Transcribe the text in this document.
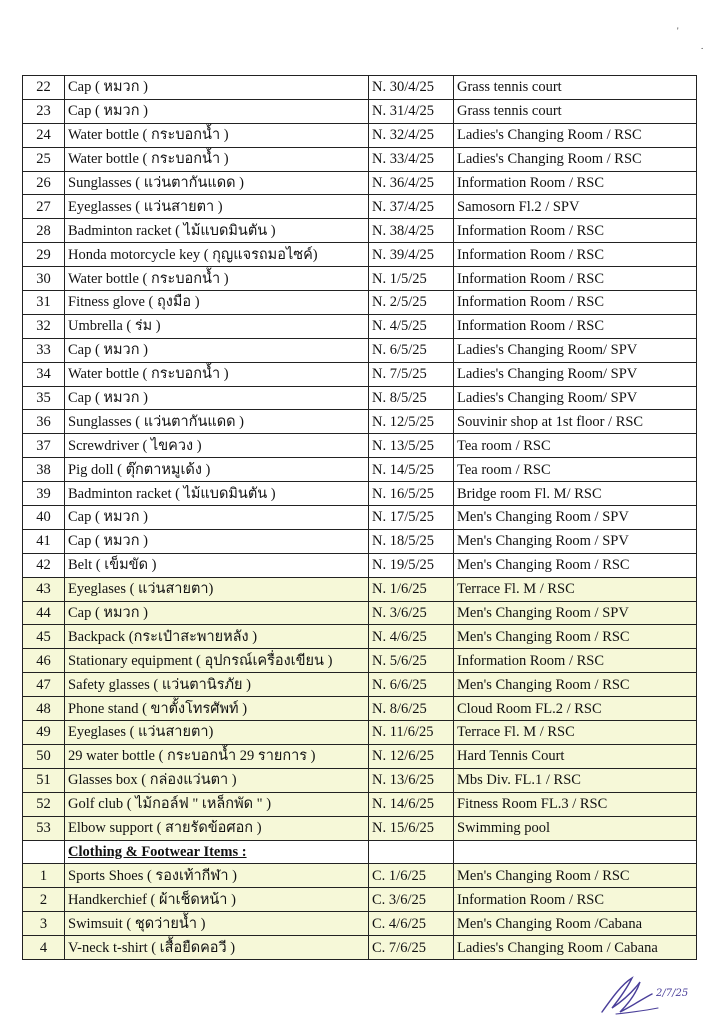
'
.
22	Cap ( หมวก )	N. 30/4/25	Grass tennis court
23	Cap ( หมวก )	N. 31/4/25	Grass tennis court
24	Water bottle ( กระบอกน้ำ )	N. 32/4/25	Ladies's Changing Room / RSC
25	Water bottle ( กระบอกน้ำ )	N. 33/4/25	Ladies's Changing Room / RSC
26	Sunglasses ( แว่นตากันแดด )	N. 36/4/25	Information Room / RSC
27	Eyeglasses ( แว่นสายตา )	N. 37/4/25	Samosorn Fl.2 / SPV
28	Badminton racket ( ไม้แบดมินตัน )	N. 38/4/25	Information Room / RSC
29	Honda motorcycle key ( กุญแจรถมอไซค์)	N. 39/4/25	Information Room / RSC
30	Water bottle ( กระบอกน้ำ )	N. 1/5/25	Information Room / RSC
31	Fitness glove ( ถุงมือ )	N. 2/5/25	Information Room / RSC
32	Umbrella ( ร่ม )	N. 4/5/25	Information Room / RSC
33	Cap ( หมวก )	N. 6/5/25	Ladies's Changing Room/ SPV
34	Water bottle ( กระบอกน้ำ )	N. 7/5/25	Ladies's Changing Room/ SPV
35	Cap ( หมวก )	N. 8/5/25	Ladies's Changing Room/ SPV
36	Sunglasses ( แว่นตากันแดด )	N. 12/5/25	Souvinir shop at 1st floor / RSC
37	Screwdriver ( ไขควง )	N. 13/5/25	Tea room / RSC
38	Pig doll ( ตุ๊กตาหมูเด้ง )	N. 14/5/25	Tea room / RSC
39	Badminton racket ( ไม้แบดมินตัน )	N. 16/5/25	Bridge room Fl. M/ RSC
40	Cap ( หมวก )	N. 17/5/25	Men's Changing Room / SPV
41	Cap ( หมวก )	N. 18/5/25	Men's Changing Room / SPV
42	Belt ( เข็มขัด )	N. 19/5/25	Men's Changing Room / RSC
43	Eyeglases ( แว่นสายตา)	N. 1/6/25	Terrace Fl. M / RSC
44	Cap ( หมวก )	N. 3/6/25	Men's Changing Room / SPV
45	Backpack (กระเป๋าสะพายหลัง )	N. 4/6/25	Men's Changing Room / RSC
46	Stationary equipment ( อุปกรณ์เครื่องเขียน )	N. 5/6/25	Information Room / RSC
47	Safety glasses ( แว่นตานิรภัย )	N. 6/6/25	Men's Changing Room / RSC
48	Phone stand ( ขาตั้งโทรศัพท์ )	N. 8/6/25	Cloud Room FL.2 / RSC
49	Eyeglases ( แว่นสายตา)	N. 11/6/25	Terrace Fl. M / RSC
50	29 water bottle ( กระบอกน้ำ 29 รายการ )	N. 12/6/25	Hard Tennis Court
51	Glasses box ( กล่องแว่นตา )	N. 13/6/25	Mbs Div. FL.1 / RSC
52	Golf club ( ไม้กอล์ฟ " เหล็กพัด " )	N. 14/6/25	Fitness Room FL.3 / RSC
53	Elbow support ( สายรัดข้อศอก )	N. 15/6/25	Swimming pool
	Clothing & Footwear Items :		
1	Sports Shoes ( รองเท้ากีฬา )	C. 1/6/25	Men's Changing Room / RSC
2	Handkerchief ( ผ้าเช็ดหน้า )	C. 3/6/25	Information Room / RSC
3	Swimsuit ( ชุดว่ายน้ำ )	C. 4/6/25	Men's Changing Room /Cabana
4	V-neck t-shirt ( เสื้อยืดคอวี )	C. 7/6/25	Ladies's Changing Room / Cabana
2/7/25
